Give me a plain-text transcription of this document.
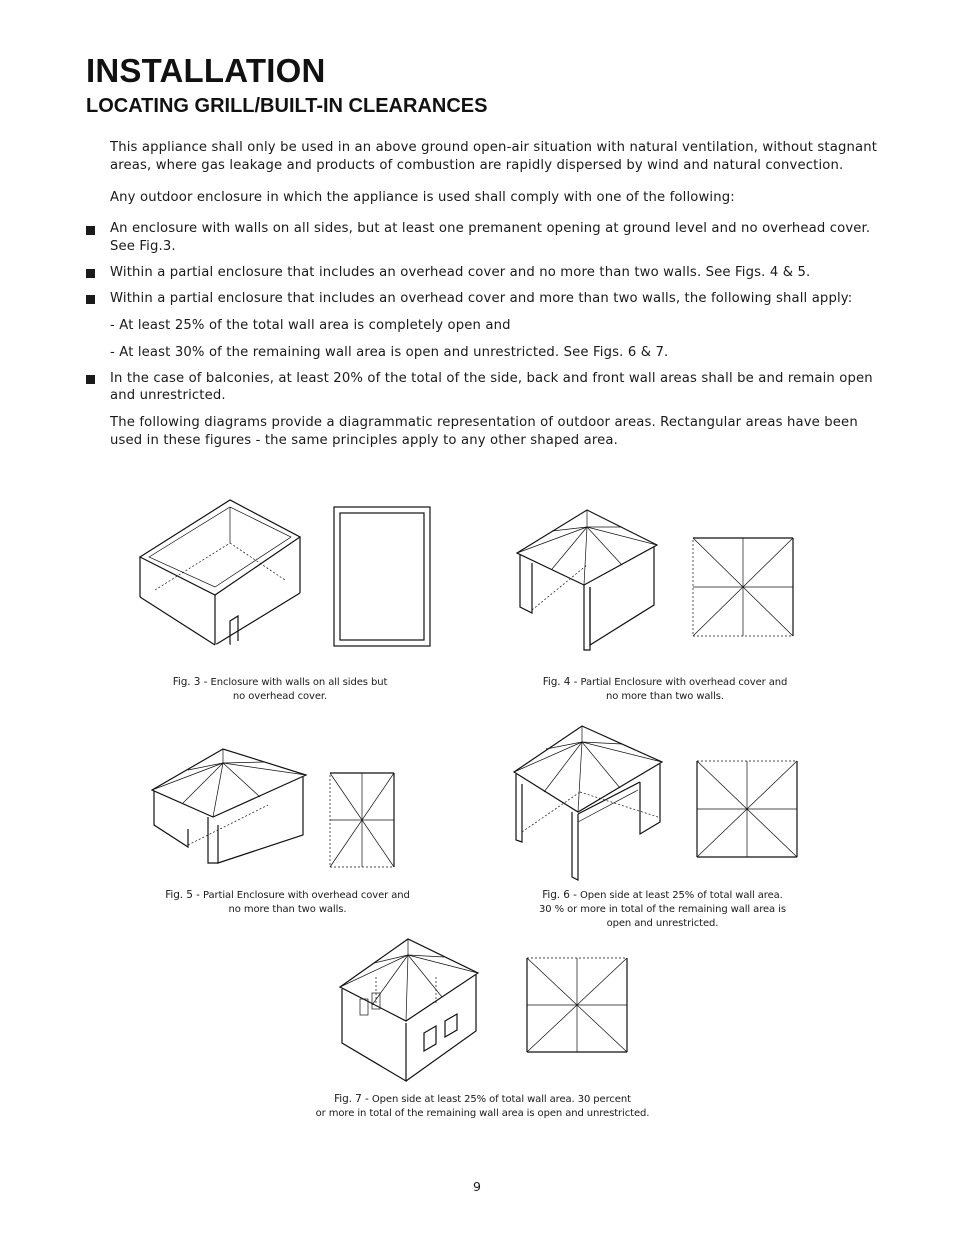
INSTALLATION
LOCATING GRILL/BUILT-IN CLEARANCES

This appliance shall only be used in an above ground open-air situation with natural ventilation, without stagnant

areas, where gas leakage and products of combustion are rapidly dispersed by wind and natural convection.

Any outdoor enclosure in which the appliance is used shall comply with one of the following:

An enclosure with walls on all sides, but at least one premanent opening at ground level and no overhead cover.

See Fig.3.

Within a partial enclosure that includes an overhead cover and no more than two walls. See Figs. 4 & 5.

Within a partial enclosure that includes an overhead cover and more than two walls, the following shall apply:

- At least 25% of the total wall area is completely open and

- At least 30% of the remaining wall area is open and unrestricted. See Figs. 6 & 7.

In the case of balconies, at least 20% of the total of the side, back and front wall areas shall be and remain open

and unrestricted.

The following diagrams provide a diagrammatic representation of outdoor areas. Rectangular areas have been

used in these figures - the same principles apply to any other shaped area.

Fig. 3 - Enclosure with walls on all sides but
no overhead cover.

Fig. 4 - Partial Enclosure with overhead cover and
no more than two walls.

Fig. 5 - Partial Enclosure with overhead cover and
no more than two walls.

Fig. 6 - Open side at least 25% of total wall area.
30 % or more in total of the remaining wall area is
open and unrestricted.

Fig. 7 - Open side at least 25% of total wall area. 30 percent
or more in total of the remaining wall area is open and unrestricted.

9
